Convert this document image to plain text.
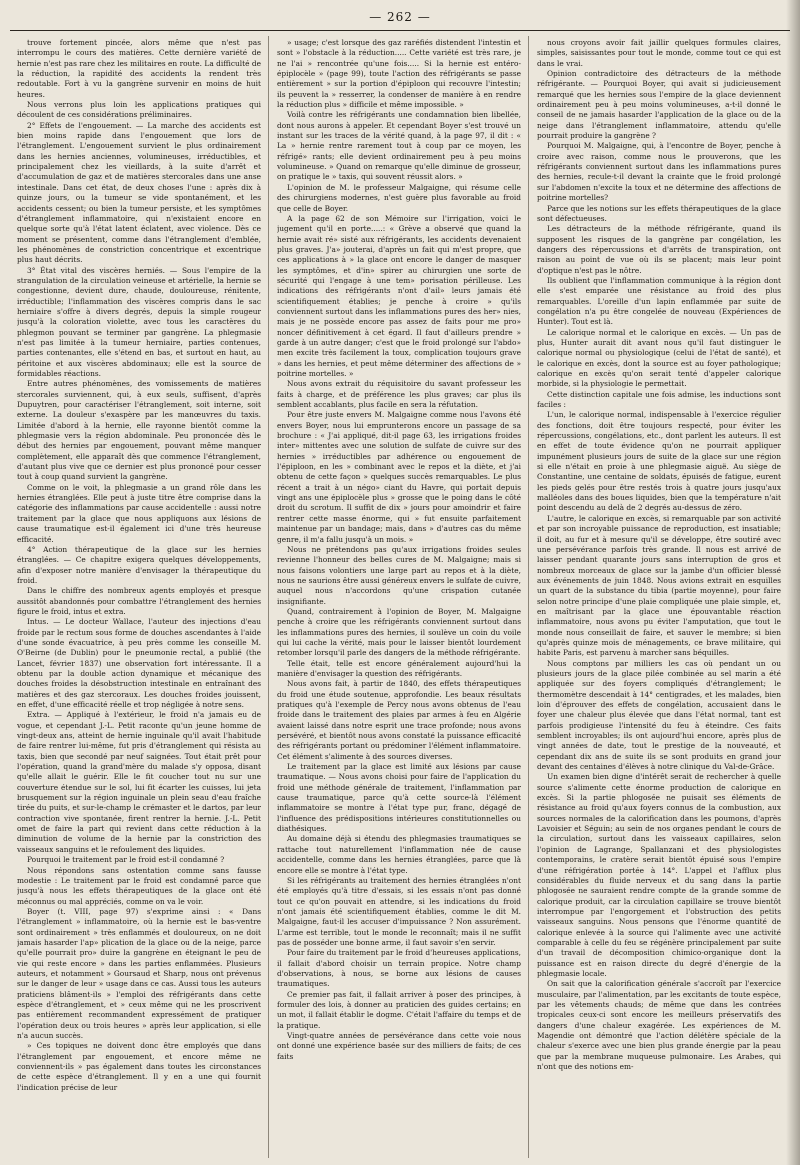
— 262 —

trouve fortement pincée, alors même que n'est pas interrompu le cours des matières. Cette dernière variété de hernie n'est pas rare chez les militaires en route. La difficulté de la réduction, la rapidité des accidents la rendent très redoutable. Fort à vu la gangrène survenir en moins de huit heures.

Nous verrons plus loin les applications pratiques qui découlent de ces considérations préliminaires.

2° Effets de l'engouement. — La marche des accidents est bien moins rapide dans l'engouement que lors de l'étranglement. L'engouement survient le plus ordinairement dans les hernies anciennes, volumineuses, irréductibles, et principalement chez les vieillards, à la suite d'arrêt et d'accumulation de gaz et de matières stercorales dans une anse intestinale. Dans cet état, de deux choses l'une : après dix à quinze jours, ou la tumeur se vide spontanément, et les accidents cessent; ou bien la tumeur persiste, et les symptômes d'étranglement inflammatoire, qui n'existaient encore en quelque sorte qu'à l'état latent éclatent, avec violence. Dès ce moment se présentent, comme dans l'étranglement d'emblée, les phénomènes de constriction concentrique et excentrique plus haut décrits.

3° État vital des viscères herniés. — Sous l'empire de la strangulation de la circulation veineuse et artérielle, la hernie se congestionne, devient dure, chaude, douloureuse, rénitente, irréductible; l'inflammation des viscères compris dans le sac herniaire s'offre à divers degrés, depuis la simple rougeur jusqu'à la coloration violette, avec tous les caractères du phlegmon pouvant se terminer par gangrène. La phlegmasie n'est pas limitée à la tumeur herniaire, parties contenues, parties contenantes, elle s'étend en bas, et surtout en haut, au péritoine et aux viscères abdominaux; elle est la source de formidables réactions.

Entre autres phénomènes, des vomissements de matières stercorales surviennent, qui, à eux seuls, suffisent, d'après Dupuytren, pour caractériser l'étranglement, soit interne, soit externe. La douleur s'exaspère par les manœuvres du taxis. Limitée d'abord à la hernie, elle rayonne bientôt comme la phlegmasie vers la région abdominale. Peu prononcée dès le début des hernies par engouement, pouvant même manquer complètement, elle apparaît dès que commence l'étranglement, d'autant plus vive que ce dernier est plus prononcé pour cesser tout à coup quand survient la gangrène.

Comme on le voit, la phlegmasie a un grand rôle dans les hernies étranglées. Elle peut à juste titre être comprise dans la catégorie des inflammations par cause accidentelle : aussi notre traitement par la glace que nous appliquons aux lésions de cause traumatique est-il également ici d'une très heureuse efficacité.

4° Action thérapeutique de la glace sur les hernies étranglées. — Ce chapitre exigera quelques développements, afin d'exposer notre manière d'envisager la thérapeutique du froid.

Dans le chiffre des nombreux agents employés et presque aussitôt abandonnés pour combattre l'étranglement des hernies figure le froid, intus et extra.

Intus. — Le docteur Wallace, l'auteur des injections d'eau froide par le rectum sous forme de douches ascendantes à l'aide d'une sonde évacuatrice, à peu près comme les conseille M. O'Beirne (de Dublin) pour le pneumonie rectal, a publié (the Lancet, février 1837) une observation fort intéressante. Il a obtenu par la double action dynamique et mécanique des douches froides la désobstruction intestinale en entraînant des matières et des gaz stercoraux. Les douches froides jouissent, en effet, d'une efficacité réelle et trop négligée à notre sens.

Extra. — Appliqué à l'extérieur, le froid n'a jamais eu de vogue, et cependant J.-L. Petit raconte qu'un jeune homme de vingt-deux ans, atteint de hernie inguinale qu'il avait l'habitude de faire rentrer lui-même, fut pris d'étranglement qui résista au taxis, bien que secondé par neuf saignées. Tout était prêt pour l'opération, quand la grand'mère du malade s'y opposa, disant qu'elle allait le guérir. Elle le fit coucher tout nu sur une couverture étendue sur le sol, lui fit écarter les cuisses, lui jeta brusquement sur la région inguinale un plein seau d'eau fraîche tirée du puits, et sur-le-champ le crémaster et le dartos, par leur contraction vive spontanée, firent rentrer la hernie. J.-L. Petit omet de faire la part qui revient dans cette réduction à la diminution de volume de la hernie par la constriction des vaisseaux sanguins et le refoulement des liquides.

Pourquoi le traitement par le froid est-il condamné ?

Nous répondons sans ostentation comme sans fausse modestie : Le traitement par le froid est condamné parce que jusqu'à nous les effets thérapeutiques de la glace ont été méconnus ou mal appréciés, comme on va le voir.

Boyer (t. VIII, page 97) s'exprime ainsi : « Dans l'étranglement » inflammatoire, où la hernie est le bas-ventre sont ordinairement » très enflammés et douloureux, on ne doit jamais hasarder l'ap» plication de la glace ou de la neige, parce qu'elle pourrait pro» duire la gangrène en éteignant le peu de vie qui reste encore » dans les parties enflammées. Plusieurs auteurs, et notamment » Goursaud et Sharp, nous ont prévenus sur le danger de leur » usage dans ce cas. Aussi tous les auteurs praticiens blâment-ils » l'emploi des réfrigérants dans cette espèce d'étranglement, et » ceux même qui ne les proscrivent pas entièrement recommandent expressément de pratiquer l'opération deux ou trois heures » après leur application, si elle n'a aucun succès.

» Ces topiques ne doivent donc être employés que dans l'étranglement par engouement, et encore même ne conviennent-ils » pas également dans toutes les circonstances de cette espèce d'étranglement. Il y en a une qui fournit l'indication précise de leur

» usage; c'est lorsque des gaz raréfiés distendent l'intestin et sont » l'obstacle à la réduction..... Cette variété est très rare, je ne l'ai » rencontrée qu'une fois..... Si la hernie est entéro-épiplocèle » (page 99), toute l'action des réfrigérants se passe entièrement » sur la portion d'épiploon qui recouvre l'intestin; ils peuvent la » resserrer, la condenser de manière à en rendre la réduction plus » difficile et même impossible. »

Voilà contre les réfrigérants une condamnation bien libellée, dont nous aurons à appeler. Et cependant Boyer s'est trouvé un instant sur les traces de la vérité quand, à la page 97, il dit : « La » hernie rentre rarement tout à coup par ce moyen, les réfrigé» rants; elle devient ordinairement peu à peu moins volumineuse. » Quand on remarque qu'elle diminue de grosseur, on pratique le » taxis, qui souvent réussit alors. »

L'opinion de M. le professeur Malgaigne, qui résume celle des chirurgiens modernes, n'est guère plus favorable au froid que celle de Boyer.

A la page 62 de son Mémoire sur l'irrigation, voici le jugement qu'il en porte.....: « Grève a observé que quand la hernie avait ré» sisté aux réfrigérants, les accidents devenaient plus graves. J'a» jouterai, d'après un fait qui m'est propre, que ces applications à » la glace ont encore le danger de masquer les symptômes, et d'in» spirer au chirurgien une sorte de sécurité qui l'engage à une tem» porisation périlleuse. Les indications des réfrigérants n'ont d'ail» leurs jamais été scientifiquement établies; je penche à croire » qu'ils conviennent surtout dans les inflammations pures des her» nies, mais je ne possède encore pas assez de faits pour me pro» noncer définitivement à cet égard. Il faut d'ailleurs prendre » garde à un autre danger; c'est que le froid prolongé sur l'abdo» men excite très facilement la toux, complication toujours grave » dans les hernies, et peut même déterminer des affections de » poitrine mortelles. »

Nous avons extrait du réquisitoire du savant professeur les faits à charge, et de préférence les plus graves; car plus ils semblent accablants, plus facile en sera la réfutation.

Pour être juste envers M. Malgaigne comme nous l'avons été envers Boyer, nous lui emprunterons encore un passage de sa brochure : « J'ai appliqué, dit-il page 63, les irrigations froides inter» mittentes avec une solution de sulfate de cuivre sur des hernies » irréductibles par adhérence ou engouement de l'épiploon, en les » combinant avec le repos et la diète, et j'ai obtenu de cette façon » quelques succès remarquables. Le plus récent a trait à un négo» ciant du Havre, qui portait depuis vingt ans une épiplocèle plus » grosse que le poing dans le côté droit du scrotum. Il suffit de dix » jours pour amoindrir et faire rentrer cette masse énorme, qui » fut ensuite parfaitement maintenue par un bandage; mais, dans » d'autres cas du même genre, il m'a fallu jusqu'à un mois. »

Nous ne prétendons pas qu'aux irrigations froides seules revienne l'honneur des belles cures de M. Malgaigne; mais si nous faisons volontiers une large part au repos et à la diète, nous ne saurions être aussi généreux envers le sulfate de cuivre, auquel nous n'accordons qu'une crispation cutanée insignifiante.

Quand, contrairement à l'opinion de Boyer, M. Malgaigne penche à croire que les réfrigérants conviennent surtout dans les inflammations pures des hernies, il soulève un coin du voile qui lui cache la vérité, mais pour le laisser bientôt lourdement retomber lorsqu'il parle des dangers de la méthode réfrigérante.

Telle était, telle est encore généralement aujourd'hui la manière d'envisager la question des réfrigérants.

Nous avons fait, à partir de 1840, des effets thérapeutiques du froid une étude soutenue, approfondie. Les beaux résultats pratiques qu'à l'exemple de Percy nous avons obtenus de l'eau froide dans le traitement des plaies par armes à feu en Algérie avaient laissé dans notre esprit une trace profonde; nous avons persévéré, et bientôt nous avons constaté la puissance efficacité des réfrigérants portant ou prédominer l'élément inflammatoire. Cet élément s'alimente à des sources diverses.

Le traitement par la glace est limité aux lésions par cause traumatique. — Nous avons choisi pour faire de l'application du froid une méthode générale de traitement, l'inflammation par cause traumatique, parce qu'à cette source-là l'élément inflammatoire se montre à l'état type pur, franc, dégagé de l'influence des prédispositions intérieures constitutionnelles ou diathésiques.

Au domaine déjà si étendu des phlegmasies traumatiques se rattache tout naturellement l'inflammation née de cause accidentelle, comme dans les hernies étranglées, parce que là encore elle se montre à l'état type.

Si les réfrigérants au traitement des hernies étranglées n'ont été employés qu'à titre d'essais, si les essais n'ont pas donné tout ce qu'on pouvait en attendre, si les indications du froid n'ont jamais été scientifiquement établies, comme le dit M. Malgaigne, faut-il les accuser d'impuissance ? Non assurément. L'arme est terrible, tout le monde le reconnaît; mais il ne suffit pas de posséder une bonne arme, il faut savoir s'en servir.

Pour faire du traitement par le froid d'heureuses applications, il fallait d'abord choisir un terrain propice. Notre champ d'observations, à nous, se borne aux lésions de causes traumatiques.

Ce premier pas fait, il fallait arriver à poser des principes, à formuler des lois, à donner au praticien des guides certains; en un mot, il fallait établir le dogme. C'était l'affaire du temps et de la pratique.

Vingt-quatre années de persévérance dans cette voie nous ont donné une expérience basée sur des milliers de faits; de ces faits

nous croyons avoir fait jaillir quelques formules claires, simples, saisissantes pour tout le monde, comme tout ce qui est dans le vrai.

Opinion contradictoire des détracteurs de la méthode réfrigérante. — Pourquoi Boyer, qui avait si judicieusement remarqué que les hernies sous l'empire de la glace deviennent ordinairement peu à peu moins volumineuses, a-t-il donné le conseil de ne jamais hasarder l'application de la glace ou de la neige dans l'étranglement inflammatoire, attendu qu'elle pourrait produire la gangrène ?

Pourquoi M. Malgaigne, qui, à l'encontre de Boyer, penche à croire avec raison, comme nous le prouverons, que les réfrigérants conviennent surtout dans les inflammations pures des hernies, recule-t-il devant la crainte que le froid prolongé sur l'abdomen n'excite la toux et ne détermine des affections de poitrine mortelles?

Parce que les notions sur les effets thérapeutiques de la glace sont défectueuses.

Les détracteurs de la méthode réfrigérante, quand ils supposent les risques de la gangrène par congélation, les dangers des répercussions et d'arrêts de transpiration, ont raison au point de vue où ils se placent; mais leur point d'optique n'est pas le nôtre.

Ils oublient que l'inflammation communique à la région dont elle s'est emparée une résistance au froid des plus remarquables. L'oreille d'un lapin enflammée par suite de congélation n'a pu être congelée de nouveau (Expériences de Hunter). Tout est là.

Le calorique normal et le calorique en excès. — Un pas de plus, Hunter aurait dit avant nous qu'il faut distinguer le calorique normal ou physiologique (celui de l'état de santé), et le calorique en excès, dont la source est au foyer pathologique; calorique en excès qu'on serait tenté d'appeler calorique morbide, si la physiologie le permettait.

Cette distinction capitale une fois admise, les inductions sont faciles :

L'un, le calorique normal, indispensable à l'exercice régulier des fonctions, doit être toujours respecté, pour éviter les répercussions, congélations, etc., dont parlent les auteurs. Il est en effet de toute évidence qu'on ne pourrait appliquer impunément plusieurs jours de suite de la glace sur une région si elle n'était en proie à une phlegmasie aiguë. Au siège de Constantine, une centaine de soldats, épuisés de fatigue, eurent les pieds gelés pour être restés trois à quatre jours jusqu'aux malléoles dans des boues liquides, bien que la température n'ait point descendu au delà de 2 degrés au-dessus de zéro.

L'autre, le calorique en excès, si remarquable par son activité et par son incroyable puissance de reproduction, est insatiable; il doit, au fur et à mesure qu'il se développe, être soutiré avec une persévérance parfois très grande. Il nous est arrivé de laisser pendant quarante jours sans interruption de gros et nombreux morceaux de glace sur la jambe d'un officier blessé aux événements de juin 1848. Nous avions extrait en esquilles un quart de la substance du tibia (partie moyenne), pour faire selon notre principe d'une plaie compliquée une plaie simple, et, en maîtrisant par la glace une épouvantable réaction inflammatoire, nous avons pu éviter l'amputation, que tout le monde nous conseillait de faire, et sauver le membre; si bien qu'après quinze mois de ménagements, ce brave militaire, qui habite Paris, est parvenu à marcher sans béquilles.

Nous comptons par milliers les cas où pendant un ou plusieurs jours de la glace pilée combinée au sel marin a été appliquée sur des foyers compliqués d'étranglement; le thermomètre descendait à 14° centigrades, et les malades, bien loin d'éprouver des effets de congélation, accusaient dans le foyer une chaleur plus élevée que dans l'état normal, tant est parfois prodigieuse l'intensité du feu à éteindre. Ces faits semblent incroyables; ils ont aujourd'hui encore, après plus de vingt années de date, tout le prestige de la nouveauté, et cependant dix ans de suite ils se sont produits en grand jour devant des centaines d'élèves à notre clinique du Val-de-Grâce.

Un examen bien digne d'intérêt serait de rechercher à quelle source s'alimente cette énorme production de calorique en excès. Si la partie phlogosée ne puisait ses éléments de résistance au froid qu'aux foyers connus de la combustion, aux sources normales de la calorification dans les poumons, d'après Lavoisier et Séguin; au sein de nos organes pendant le cours de la circulation, surtout dans les vaisseaux capillaires, selon l'opinion de Lagrange, Spallanzani et des physiologistes contemporains, le cratère serait bientôt épuisé sous l'empire d'une réfrigération portée à 14°. L'appel et l'afflux plus considérables du fluide nerveux et du sang dans la partie phlogosée ne sauraient rendre compte de la grande somme de calorique produit, car la circulation capillaire se trouve bientôt interrompue par l'engorgement et l'obstruction des petits vaisseaux sanguins. Nous pensons que l'énorme quantité de calorique enlevée à la source qui l'alimente avec une activité comparable à celle du feu se régénère principalement par suite d'un travail de décomposition chimico-organique dont la puissance est en raison directe du degré d'énergie de la phlegmasie locale.

On sait que la calorification générale s'accroît par l'exercice musculaire, par l'alimentation, par les excitants de toute espèce, par les vêtements chauds; de même que dans les contrées tropicales ceux-ci sont encore les meilleurs préservatifs des dangers d'une chaleur exagérée. Les expériences de M. Magendie ont démontré que l'action délétère spéciale de la chaleur s'exerce avec une bien plus grande énergie par la peau que par la membrane muqueuse pulmonaire. Les Arabes, qui n'ont que des notions em-
